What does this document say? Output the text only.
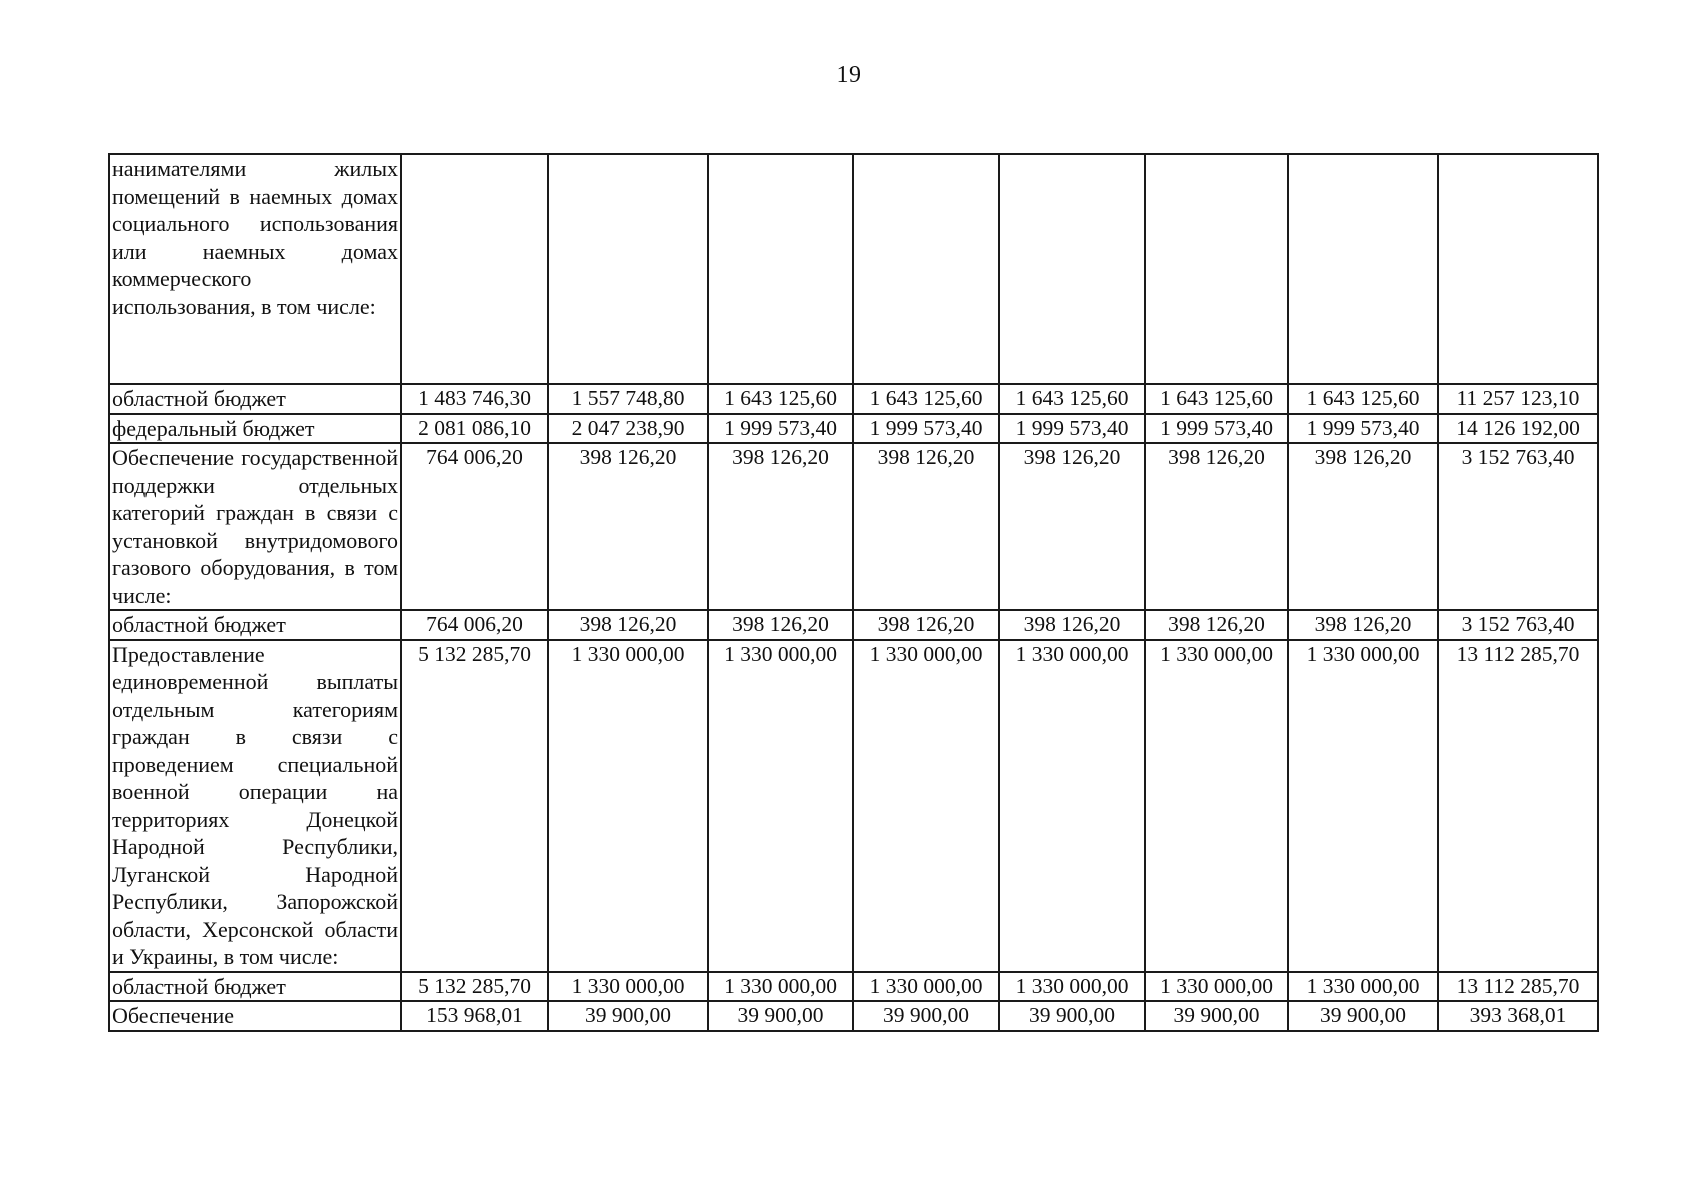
19
нанимателями жилых помещений в наемных домах социального использования или наемных домах коммерческого использования, в том числе:								
областной бюджет	1 483 746,30	1 557 748,80	1 643 125,60	1 643 125,60	1 643 125,60	1 643 125,60	1 643 125,60	11 257 123,10
федеральный бюджет	2 081 086,10	2 047 238,90	1 999 573,40	1 999 573,40	1 999 573,40	1 999 573,40	1 999 573,40	14 126 192,00
Обеспечение государственной поддержки отдельных категорий граждан в связи с установкой внутридомового газового оборудования, в том числе:	764 006,20	398 126,20	398 126,20	398 126,20	398 126,20	398 126,20	398 126,20	3 152 763,40
областной бюджет	764 006,20	398 126,20	398 126,20	398 126,20	398 126,20	398 126,20	398 126,20	3 152 763,40
Предоставление единовременной выплаты отдельным категориям граждан в связи с проведением специальной военной операции на территориях Донецкой Народной Республики, Луганской Народной Республики, Запорожской области, Херсонской области и Украины, в том числе:	5 132 285,70	1 330 000,00	1 330 000,00	1 330 000,00	1 330 000,00	1 330 000,00	1 330 000,00	13 112 285,70
областной бюджет	5 132 285,70	1 330 000,00	1 330 000,00	1 330 000,00	1 330 000,00	1 330 000,00	1 330 000,00	13 112 285,70
Обеспечение	153 968,01	39 900,00	39 900,00	39 900,00	39 900,00	39 900,00	39 900,00	393 368,01
